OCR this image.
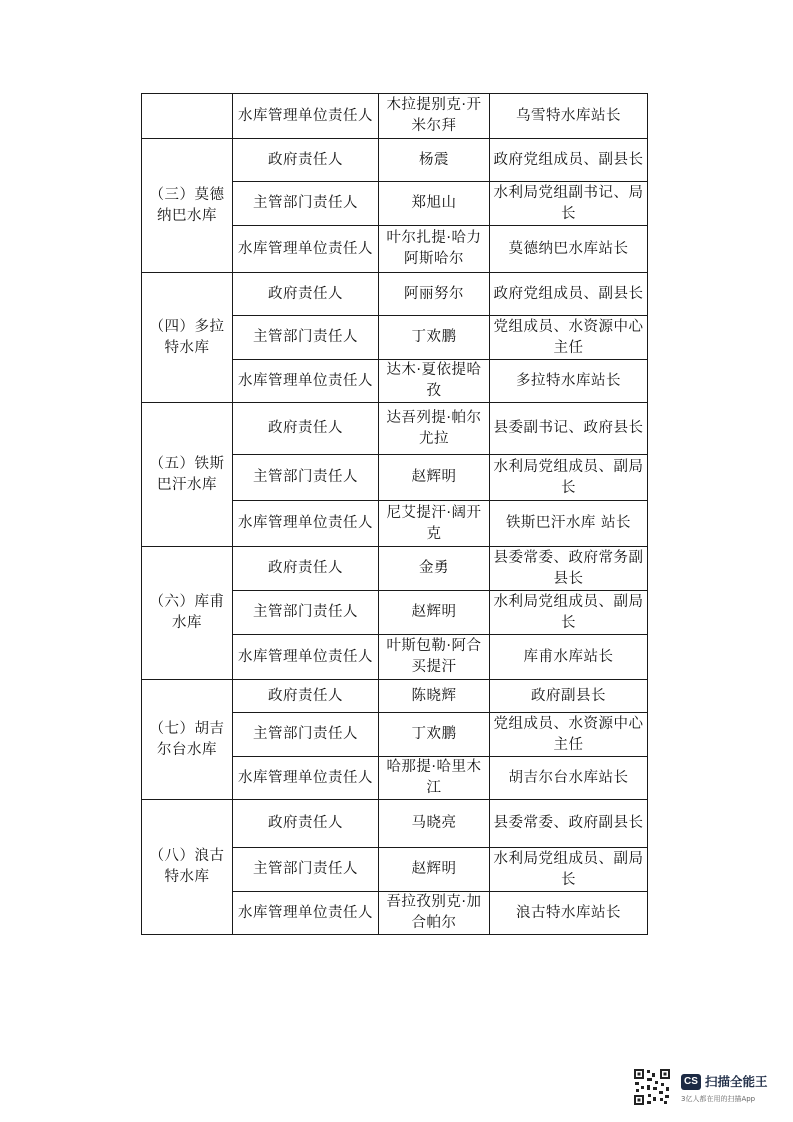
	水库管理单位责任人	木拉提别克·开米尔拜	乌雪特水库站长
（三）莫德纳巴水库	政府责任人	杨震	政府党组成员、副县长
	主管部门责任人	郑旭山	水利局党组副书记、局长
	水库管理单位责任人	叶尔扎提·哈力阿斯哈尔	莫德纳巴水库站长
（四）多拉特水库	政府责任人	阿丽努尔	政府党组成员、副县长
	主管部门责任人	丁欢鹏	党组成员、水资源中心主任
	水库管理单位责任人	达木·夏依提哈孜	多拉特水库站长
（五）铁斯巴汗水库	政府责任人	达吾列提·帕尔尤拉	县委副书记、政府县长
	主管部门责任人	赵辉明	水利局党组成员、副局长
	水库管理单位责任人	尼艾提汗·阔开克	铁斯巴汗水库 站长
（六）库甫水库	政府责任人	金勇	县委常委、政府常务副县长
	主管部门责任人	赵辉明	水利局党组成员、副局长
	水库管理单位责任人	叶斯包勒·阿合买提汗	库甫水库站长
（七）胡吉尔台水库	政府责任人	陈晓辉	政府副县长
	主管部门责任人	丁欢鹏	党组成员、水资源中心主任
	水库管理单位责任人	哈那提·哈里木江	胡吉尔台水库站长
（八）浪古特水库	政府责任人	马晓亮	县委常委、政府副县长
	主管部门责任人	赵辉明	水利局党组成员、副局长
	水库管理单位责任人	吾拉孜别克·加合帕尔	浪古特水库站长
CS 扫描全能王
3亿人都在用的扫描App
